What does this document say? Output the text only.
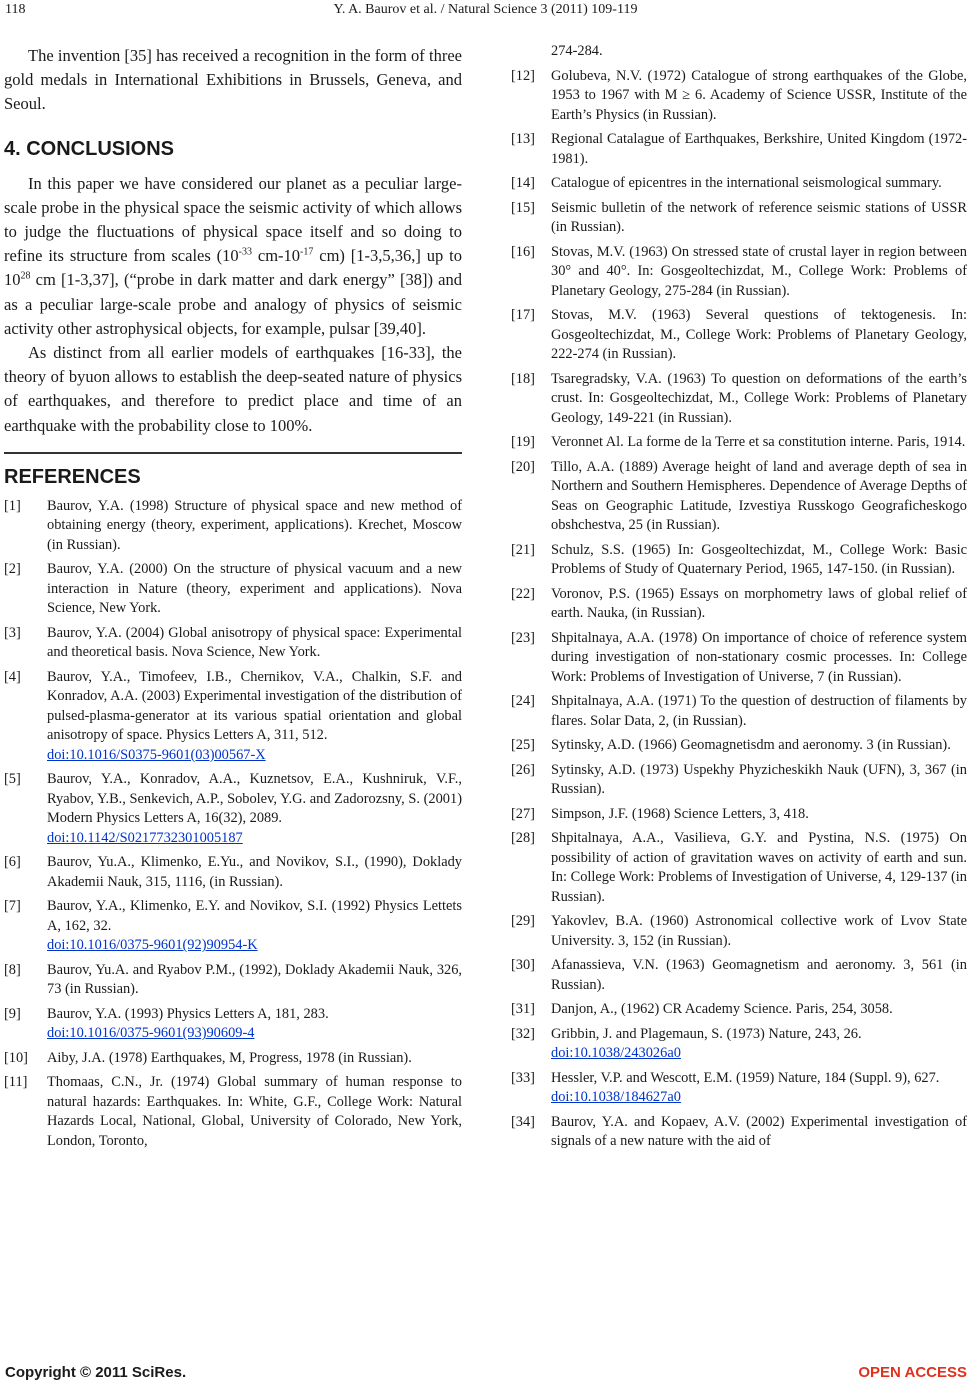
118	Y. A. Baurov et al. / Natural Science 3 (2011) 109-119

The invention [35] has received a recognition in the form of three gold medals in International Exhibitions in Brussels, Geneva, and Seoul.

4. CONCLUSIONS

In this paper we have considered our planet as a peculiar large-scale probe in the physical space the seismic activity of which allows to judge the fluctuations of physical space itself and so doing to refine its structure from scales ($10^{-33}$ $cm-10^{-17}$ cm) [1-3,5,36,] up to $10^{28}$ cm [1-3,37], (“probe in dark matter and dark energy” [38]) and as a peculiar large-scale probe and analogy of physics of seismic activity other astrophysical objects, for example, pulsar [39,40].

As distinct from all earlier models of earthquakes [16-33], the theory of byuon allows to establish the deep-seated nature of physics of earthquakes, and therefore to predict place and time of an earthquake with the probability close to 100%.

REFERENCES
[1]	Baurov, Y.A. (1998) Structure of physical space and new method of obtaining energy (theory, experiment, applications). Krechet, Moscow (in Russian).
[2]	Baurov, Y.A. (2000) On the structure of physical vacuum and a new interaction in Nature (theory, experiment and applications). Nova Science, New York.
[3]	Baurov, Y.A. (2004) Global anisotropy of physical space: Experimental and theoretical basis. Nova Science, New York.
[4]	Baurov, Y.A., Timofeev, I.B., Chernikov, V.A., Chalkin, S.F. and Konradov, A.A. (2003) Experimental investigation of the distribution of pulsed-plasma-generator at its various spatial orientation and global anisotropy of space. Physics Letters A, 311, 512.
doi:10.1016/S0375-9601(03)00567-X
[5]	Baurov, Y.A., Konradov, A.A., Kuznetsov, E.A., Kushniruk, V.F., Ryabov, Y.B., Senkevich, A.P., Sobolev, Y.G. and Zadorozsny, S. (2001) Modern Physics Letters A, 16(32), 2089.
doi:10.1142/S0217732301005187
[6]	Baurov, Yu.A., Klimenko, E.Yu., and Novikov, S.I., (1990), Doklady Akademii Nauk, 315, 1116, (in Russian).
[7]	Baurov, Y.A., Klimenko, E.Y. and Novikov, S.I. (1992) Physics Lettets A, 162, 32.
doi:10.1016/0375-9601(92)90954-K
[8]	Baurov, Yu.A. and Ryabov P.M., (1992), Doklady Akademii Nauk, 326, 73 (in Russian).
[9]	Baurov, Y.A. (1993) Physics Letters A, 181, 283.
doi:10.1016/0375-9601(93)90609-4
[10]	Aiby, J.A. (1978) Earthquakes, M, Progress, 1978 (in Russian).
[11]	Thomaas, C.N., Jr. (1974) Global summary of human response to natural hazards: Earthquakes. In: White, G.F., College Work: Natural Hazards Local, National, Global, University of Colorado, New York, London, Toronto,
274-284.
[12]	Golubeva, N.V. (1972) Catalogue of strong earthquakes of the Globe, 1953 to 1967 with M ≥ 6. Academy of Science USSR, Institute of the Earth’s Physics (in Russian).
[13]	Regional Catalague of Earthquakes, Berkshire, United Kingdom (1972-1981).
[14]	Catalogue of epicentres in the international seismological summary.
[15]	Seismic bulletin of the network of reference seismic stations of USSR (in Russian).
[16]	Stovas, M.V. (1963) On stressed state of crustal layer in region between 30° and 40°. In: Gosgeoltechizdat, M., College Work: Problems of Planetary Geology, 275-284 (in Russian).
[17]	Stovas, M.V. (1963) Several questions of tektogenesis. In: Gosgeoltechizdat, M., College Work: Problems of Planetary Geology, 222-274 (in Russian).
[18]	Tsaregradsky, V.A. (1963) To question on deformations of the earth’s crust. In: Gosgeoltechizdat, M., College Work: Problems of Planetary Geology, 149-221 (in Russian).
[19]	Veronnet Al. La forme de la Terre et sa constitution interne. Paris, 1914.
[20]	Tillo, A.A. (1889) Average height of land and average depth of sea in Northern and Southern Hemispheres. Dependence of Average Depths of Seas on Geographic Latitude, Izvestiya Russkogo Geograficheskogo obshchestva, 25 (in Russian).
[21]	Schulz, S.S. (1965) In: Gosgeoltechizdat, M., College Work: Basic Problems of Study of Quaternary Period, 1965, 147-150. (in Russian).
[22]	Voronov, P.S. (1965) Essays on morphometry laws of global relief of earth. Nauka, (in Russian).
[23]	Shpitalnaya, A.A. (1978) On importance of choice of reference system during investigation of non-stationary cosmic processes. In: College Work: Problems of Investigation of Universe, 7 (in Russian).
[24]	Shpitalnaya, A.A. (1971) To the question of destruction of filaments by flares. Solar Data, 2, (in Russian).
[25]	Sytinsky, A.D. (1966) Geomagnetisdm and aeronomy. 3 (in Russian).
[26]	Sytinsky, A.D. (1973) Uspekhy Phyzicheskikh Nauk (UFN), 3, 367 (in Russian).
[27]	Simpson, J.F. (1968) Science Letters, 3, 418.
[28]	Shpitalnaya, A.A., Vasilieva, G.Y. and Pystina, N.S. (1975) On possibility of action of gravitation waves on activity of earth and sun. In: College Work: Problems of Investigation of Universe, 4, 129-137 (in Russian).
[29]	Yakovlev, B.A. (1960) Astronomical collective work of Lvov State University. 3, 152 (in Russian).
[30]	Afanassieva, V.N. (1963) Geomagnetism and aeronomy. 3, 561 (in Russian).
[31]	Danjon, A., (1962) CR Academy Science. Paris, 254, 3058.
[32]	Gribbin, J. and Plagemaun, S. (1973) Nature, 243, 26.
doi:10.1038/243026a0
[33]	Hessler, V.P. and Wescott, E.M. (1959) Nature, 184 (Suppl. 9), 627.
doi:10.1038/184627a0
[34]	Baurov, Y.A. and Kopaev, A.V. (2002) Experimental investigation of signals of a new nature with the aid of
Copyright © 2011 SciRes.	OPEN ACCESS
